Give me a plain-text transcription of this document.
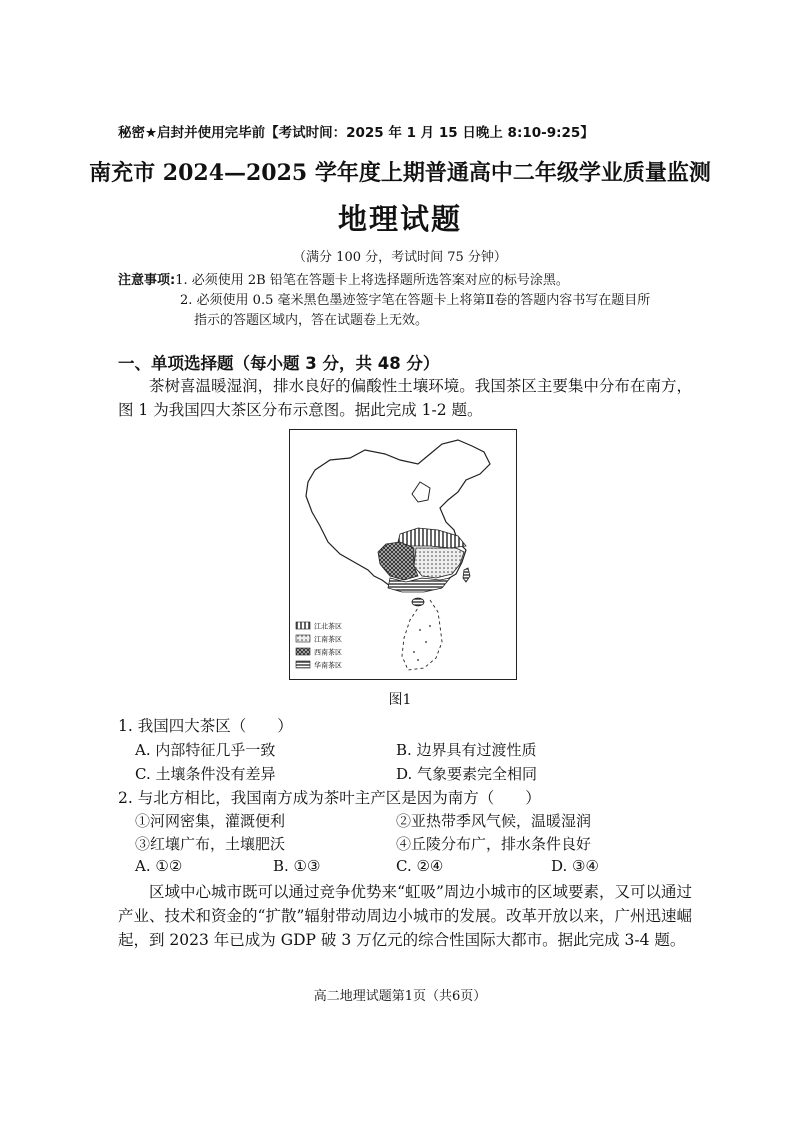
秘密★启封并使用完毕前【考试时间：2025 年 1 月 15 日晚上 8:10-9:25】
南充市 2024—2025 学年度上期普通高中二年级学业质量监测
地理试题
（满分 100 分，考试时间 75 分钟）
注意事项:1. 必须使用 2B 铅笔在答题卡上将选择题所选答案对应的标号涂黑。
2. 必须使用 0.5 毫米黑色墨迹签字笔在答题卡上将第Ⅱ卷的答题内容书写在题目所
指示的答题区域内，答在试题卷上无效。
一、单项选择题（每小题 3 分，共 48 分）
茶树喜温暖湿润，排水良好的偏酸性土壤环境。我国茶区主要集中分布在南方，图 1 为我国四大茶区分布示意图。据此完成 1-2 题。
江北茶区
江南茶区
西南茶区
华南茶区
图1
1. 我国四大茶区（　　）
A. 内部特征几乎一致	B. 边界具有过渡性质
C. 土壤条件没有差异	D. 气象要素完全相同
2. 与北方相比，我国南方成为茶叶主产区是因为南方（　　）
①河网密集，灌溉便利	②亚热带季风气候，温暖湿润
③红壤广布，土壤肥沃	④丘陵分布广，排水条件良好
A. ①②	B. ①③	C. ②④	D. ③④
区域中心城市既可以通过竞争优势来“虹吸”周边小城市的区域要素，又可以通过产业、技术和资金的“扩散”辐射带动周边小城市的发展。改革开放以来，广州迅速崛起，到 2023 年已成为 GDP 破 3 万亿元的综合性国际大都市。据此完成 3-4 题。
高二地理试题第1页（共6页）
